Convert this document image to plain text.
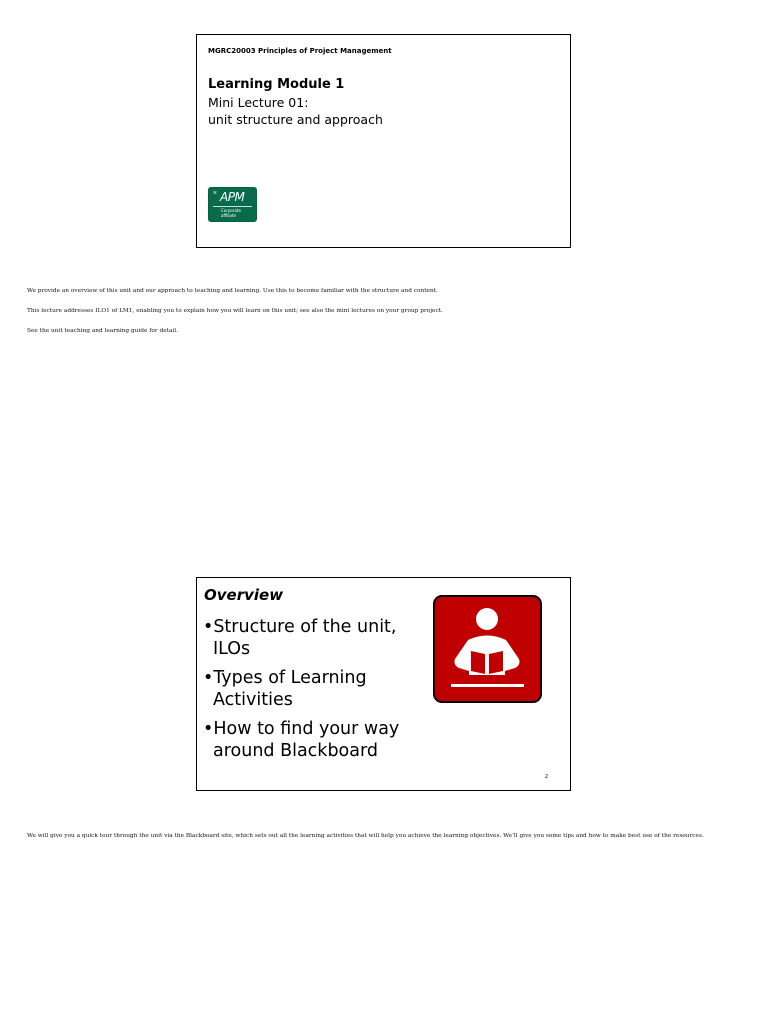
MGRC20003 Principles of Project Management
Learning Module 1
Mini Lecture 01:
unit structure and approach
✶ APM
Corporate
affiliate
We provide an overview of this unit and our approach to teaching and learning. Use this to become familiar with the structure and content.
This lecture addresses ILO1 of LM1, enabling you to explain how you will learn on this unit; see also the mini lectures on your group project.
See the unit teaching and learning guide for detail.
Overview
• Structure of the unit, ILOs
• Types of Learning Activities
• How to find your way around Blackboard
2
We will give you a quick tour through the unit via the Blackboard site, which sets out all the learning activities that will help you achieve the learning objectives. We’ll give you some tips and how to make best use of the resources.
